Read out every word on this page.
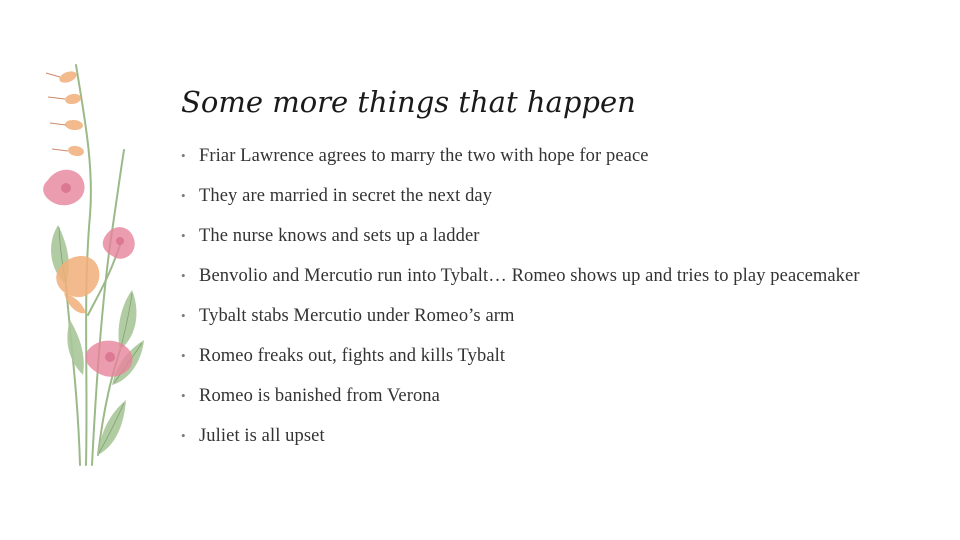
Some more things that happen
• Friar Lawrence agrees to marry the two with hope for peace
• They are married in secret the next day
• The nurse knows and sets up a ladder
• Benvolio and Mercutio run into Tybalt… Romeo shows up and tries to play peacemaker
• Tybalt stabs Mercutio under Romeo’s arm
• Romeo freaks out, fights and kills Tybalt
• Romeo is banished from Verona
• Juliet is all upset
